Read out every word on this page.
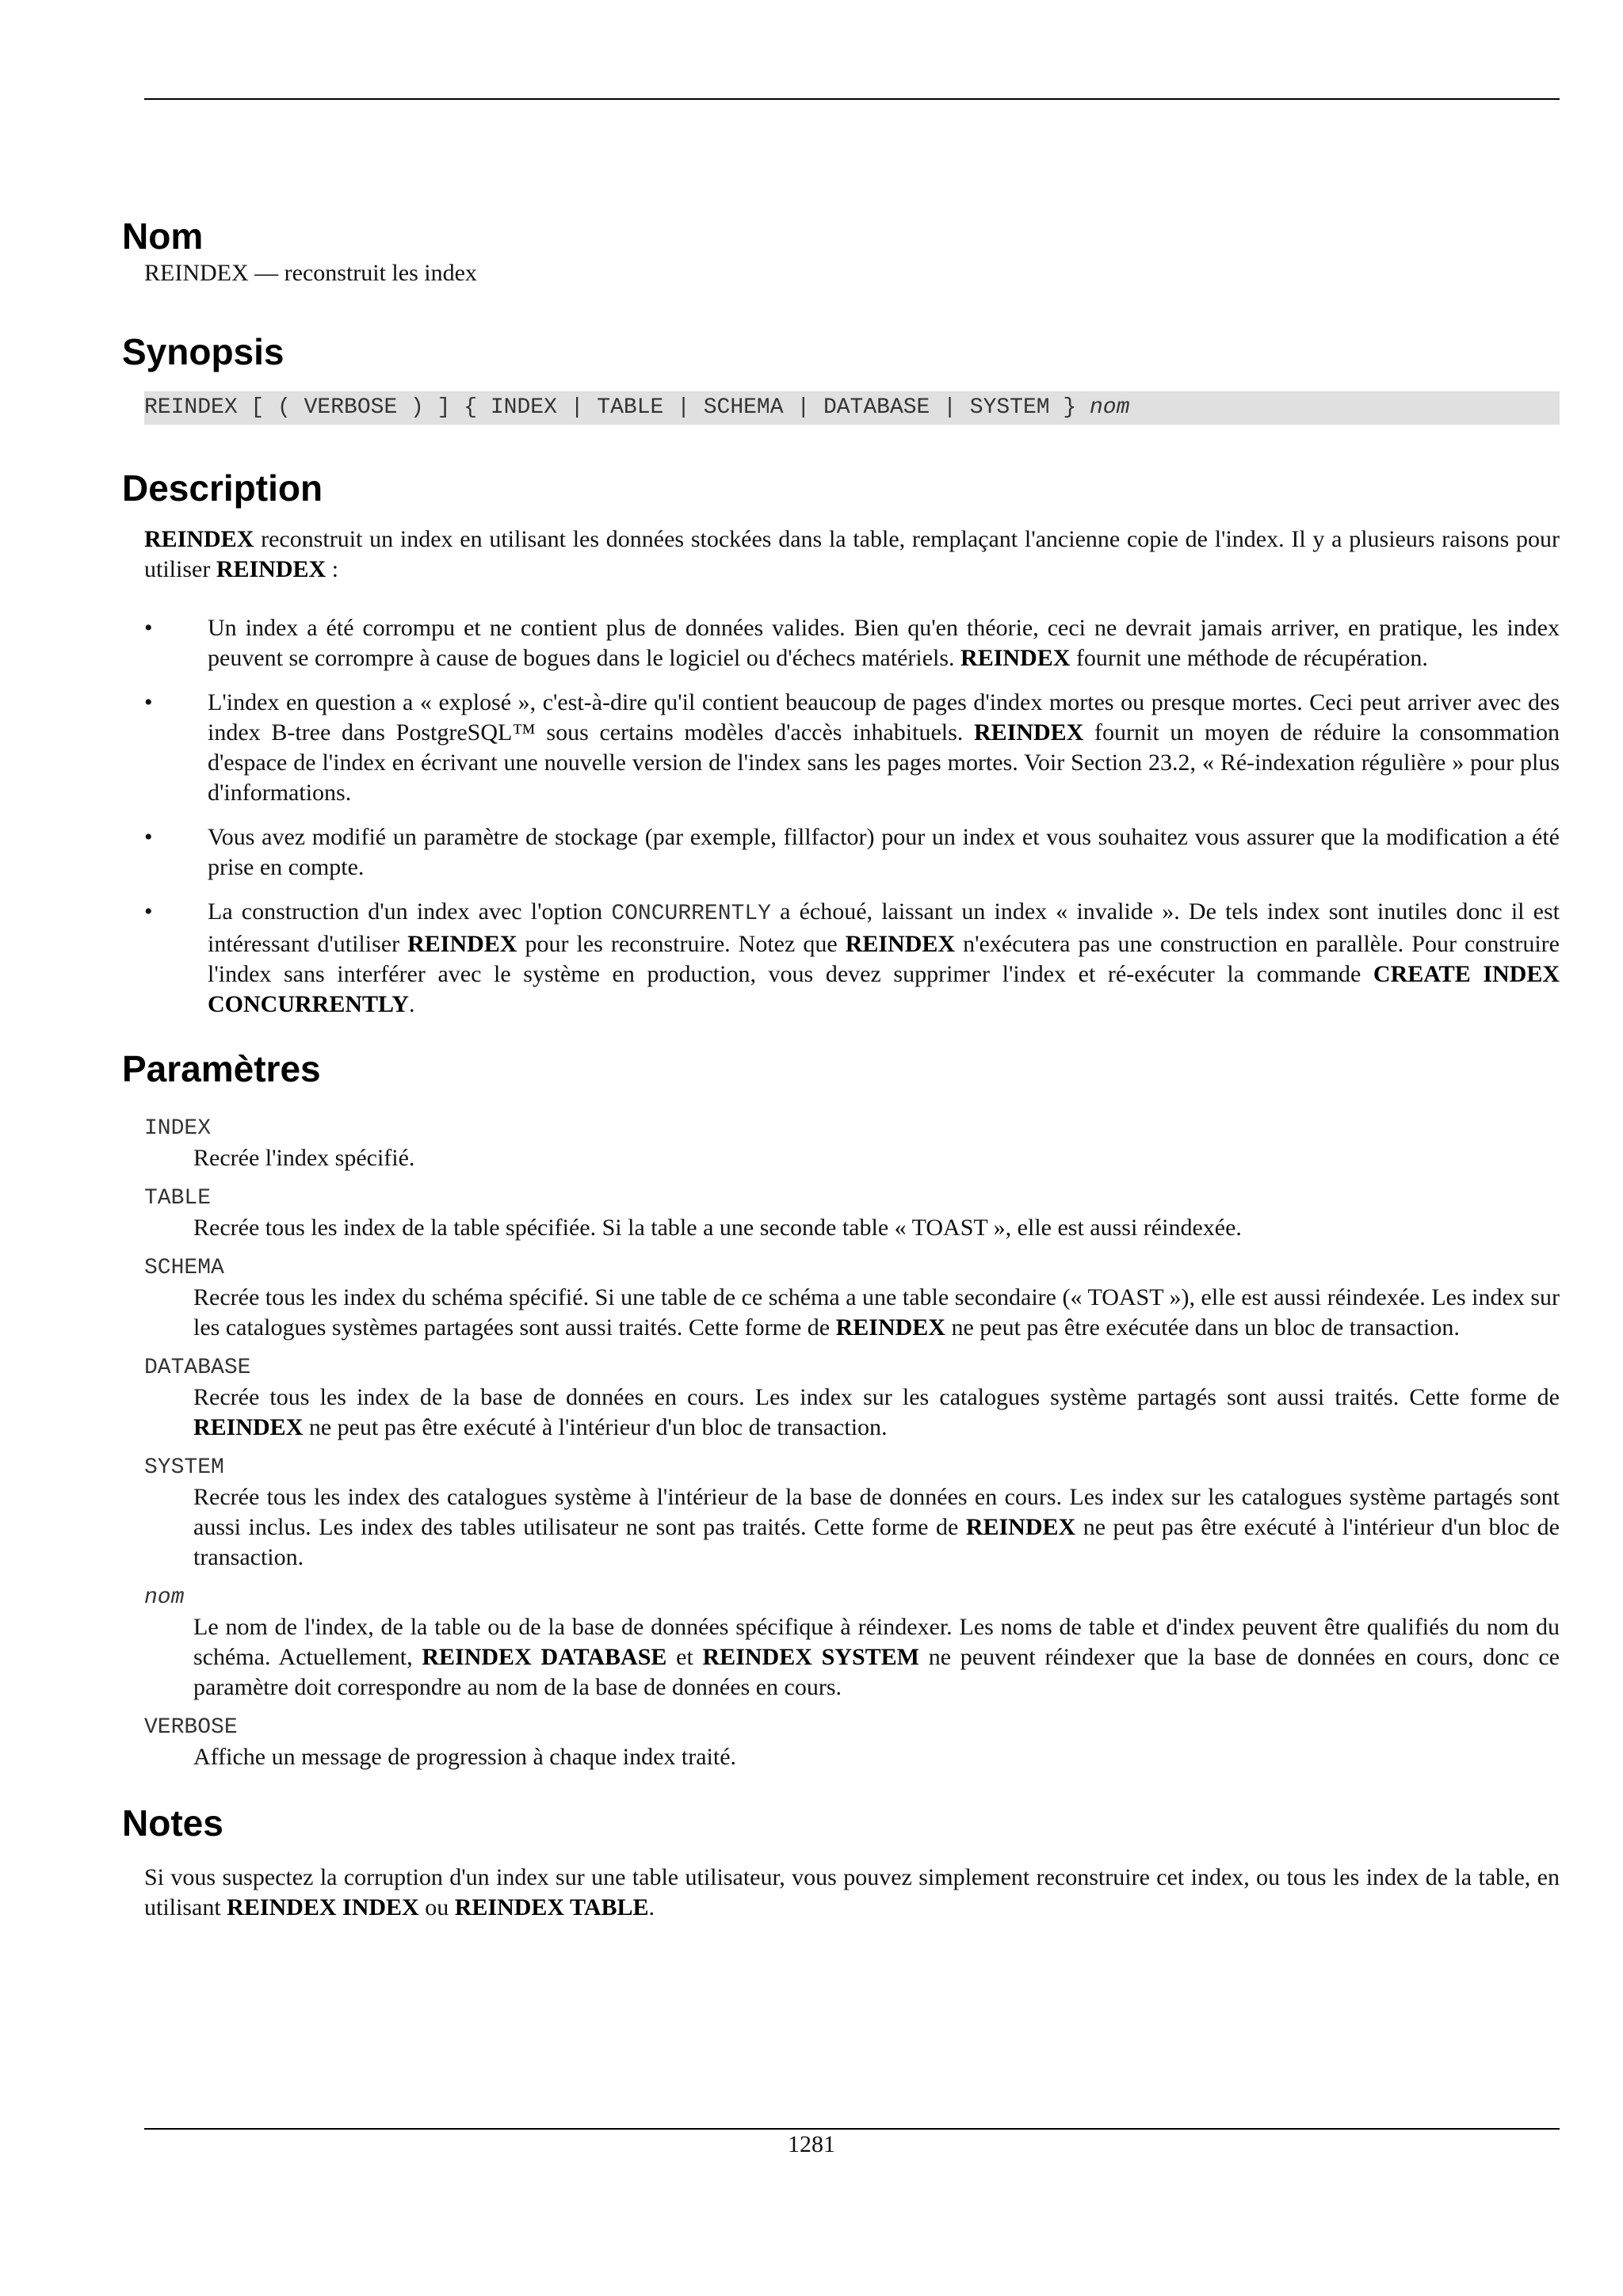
Nom

REINDEX — reconstruit les index

Synopsis
REINDEX [ ( VERBOSE ) ] { INDEX | TABLE | SCHEMA | DATABASE | SYSTEM } nom
Description

REINDEX reconstruit un index en utilisant les données stockées dans la table, remplaçant l'ancienne copie de l'index. Il y a plusieurs raisons pour utiliser REINDEX :

•	Un index a été corrompu et ne contient plus de données valides. Bien qu'en théorie, ceci ne devrait jamais arriver, en pratique, les index peuvent se corrompre à cause de bogues dans le logiciel ou d'échecs matériels. REINDEX fournit une méthode de récupération.
•	L'index en question a « explosé », c'est-à-dire qu'il contient beaucoup de pages d'index mortes ou presque mortes. Ceci peut arriver avec des index B-tree dans PostgreSQL™ sous certains modèles d'accès inhabituels. REINDEX fournit un moyen de réduire la consommation d'espace de l'index en écrivant une nouvelle version de l'index sans les pages mortes. Voir Section 23.2, « Ré-indexation régulière » pour plus d'informations.
•	Vous avez modifié un paramètre de stockage (par exemple, fillfactor) pour un index et vous souhaitez vous assurer que la modification a été prise en compte.
•	La construction d'un index avec l'option CONCURRENTLY a échoué, laissant un index « invalide ». De tels index sont inutiles donc il est intéressant d'utiliser REINDEX pour les reconstruire. Notez que REINDEX n'exécutera pas une construction en parallèle. Pour construire l'index sans interférer avec le système en production, vous devez supprimer l'index et ré-exécuter la commande CREATE INDEX CONCURRENTLY.
Paramètres
INDEX
Recrée l'index spécifié.
TABLE
Recrée tous les index de la table spécifiée. Si la table a une seconde table « TOAST », elle est aussi réindexée.
SCHEMA
Recrée tous les index du schéma spécifié. Si une table de ce schéma a une table secondaire (« TOAST »), elle est aussi réindexée. Les index sur les catalogues systèmes partagées sont aussi traités. Cette forme de REINDEX ne peut pas être exécutée dans un bloc de transaction.
DATABASE
Recrée tous les index de la base de données en cours. Les index sur les catalogues système partagés sont aussi traités. Cette forme de REINDEX ne peut pas être exécuté à l'intérieur d'un bloc de transaction.
SYSTEM
Recrée tous les index des catalogues système à l'intérieur de la base de données en cours. Les index sur les catalogues système partagés sont aussi inclus. Les index des tables utilisateur ne sont pas traités. Cette forme de REINDEX ne peut pas être exécuté à l'intérieur d'un bloc de transaction.
nom
Le nom de l'index, de la table ou de la base de données spécifique à réindexer. Les noms de table et d'index peuvent être qualifiés du nom du schéma. Actuellement, REINDEX DATABASE et REINDEX SYSTEM ne peuvent réindexer que la base de données en cours, donc ce paramètre doit correspondre au nom de la base de données en cours.
VERBOSE
Affiche un message de progression à chaque index traité.
Notes

Si vous suspectez la corruption d'un index sur une table utilisateur, vous pouvez simplement reconstruire cet index, ou tous les index de la table, en utilisant REINDEX INDEX ou REINDEX TABLE.

1281
